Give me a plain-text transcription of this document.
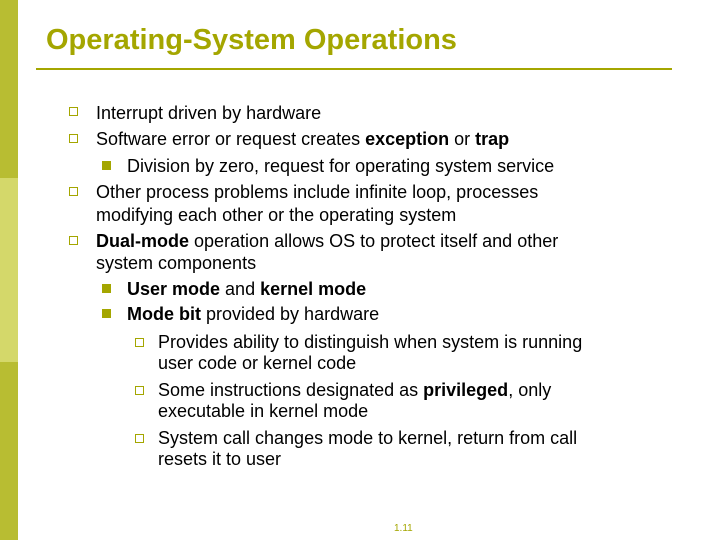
Operating-System Operations
Interrupt driven by hardware
Software error or request creates exception or trap
Division by zero, request for operating system service
Other process problems include infinite loop, processes
modifying each other or the operating system
Dual-mode operation allows OS to protect itself and other
system components
User mode and kernel mode
Mode bit provided by hardware
Provides ability to distinguish when system is running
user code or kernel code
Some instructions designated as privileged, only
executable in kernel mode
System call changes mode to kernel, return from call
resets it to user
1.11
